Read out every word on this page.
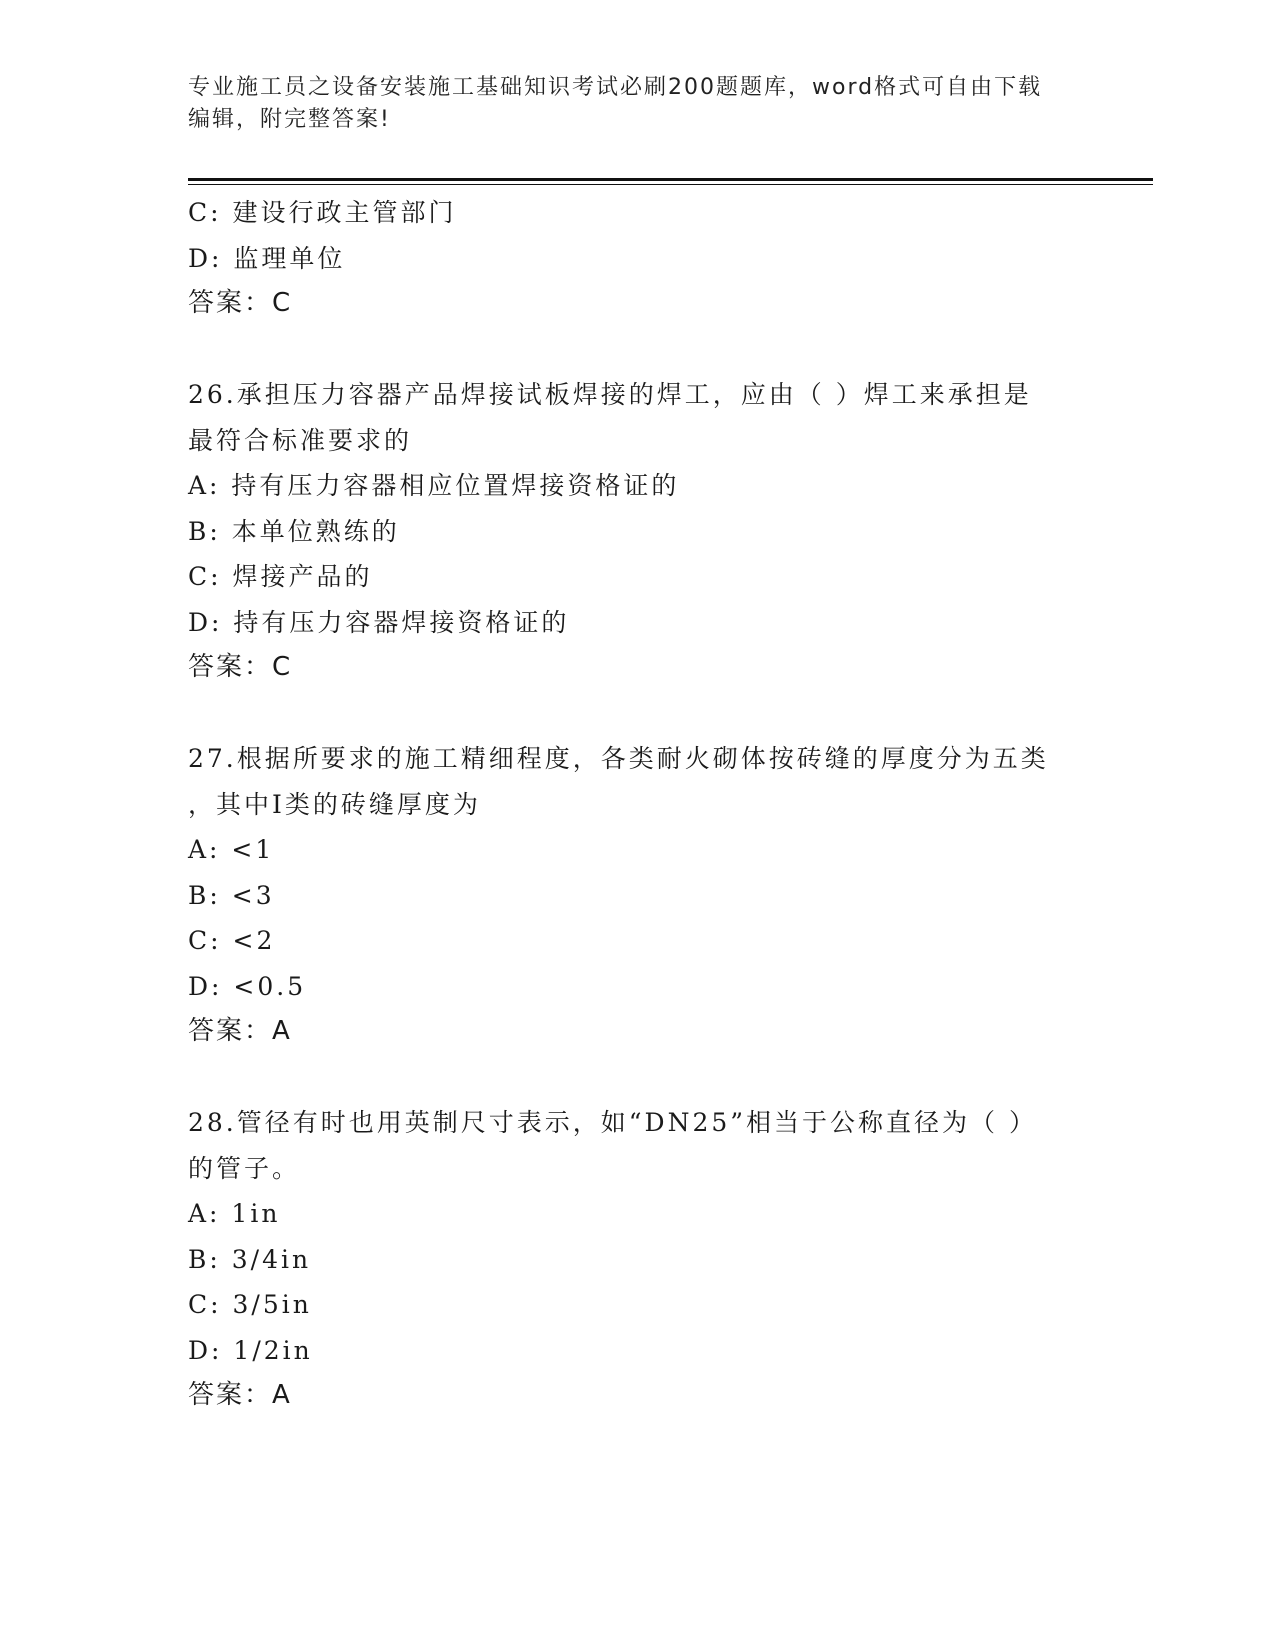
专业施工员之设备安装施工基础知识考试必刷200题题库，word格式可自由下载
编辑，附完整答案!
C: 建设行政主管部门
D: 监理单位
答案：C
26.承担压力容器产品焊接试板焊接的焊工，应由（ ）焊工来承担是
最符合标准要求的
A: 持有压力容器相应位置焊接资格证的
B: 本单位熟练的
C: 焊接产品的
D: 持有压力容器焊接资格证的
答案：C
27.根据所要求的施工精细程度，各类耐火砌体按砖缝的厚度分为五类
，其中Ⅰ类的砖缝厚度为
A: <1
B: <3
C: <2
D: <0.5
答案：A
28.管径有时也用英制尺寸表示，如“DN25”相当于公称直径为（ ）
的管子。
A: 1in
B: 3/4in
C: 3/5in
D: 1/2in
答案：A
